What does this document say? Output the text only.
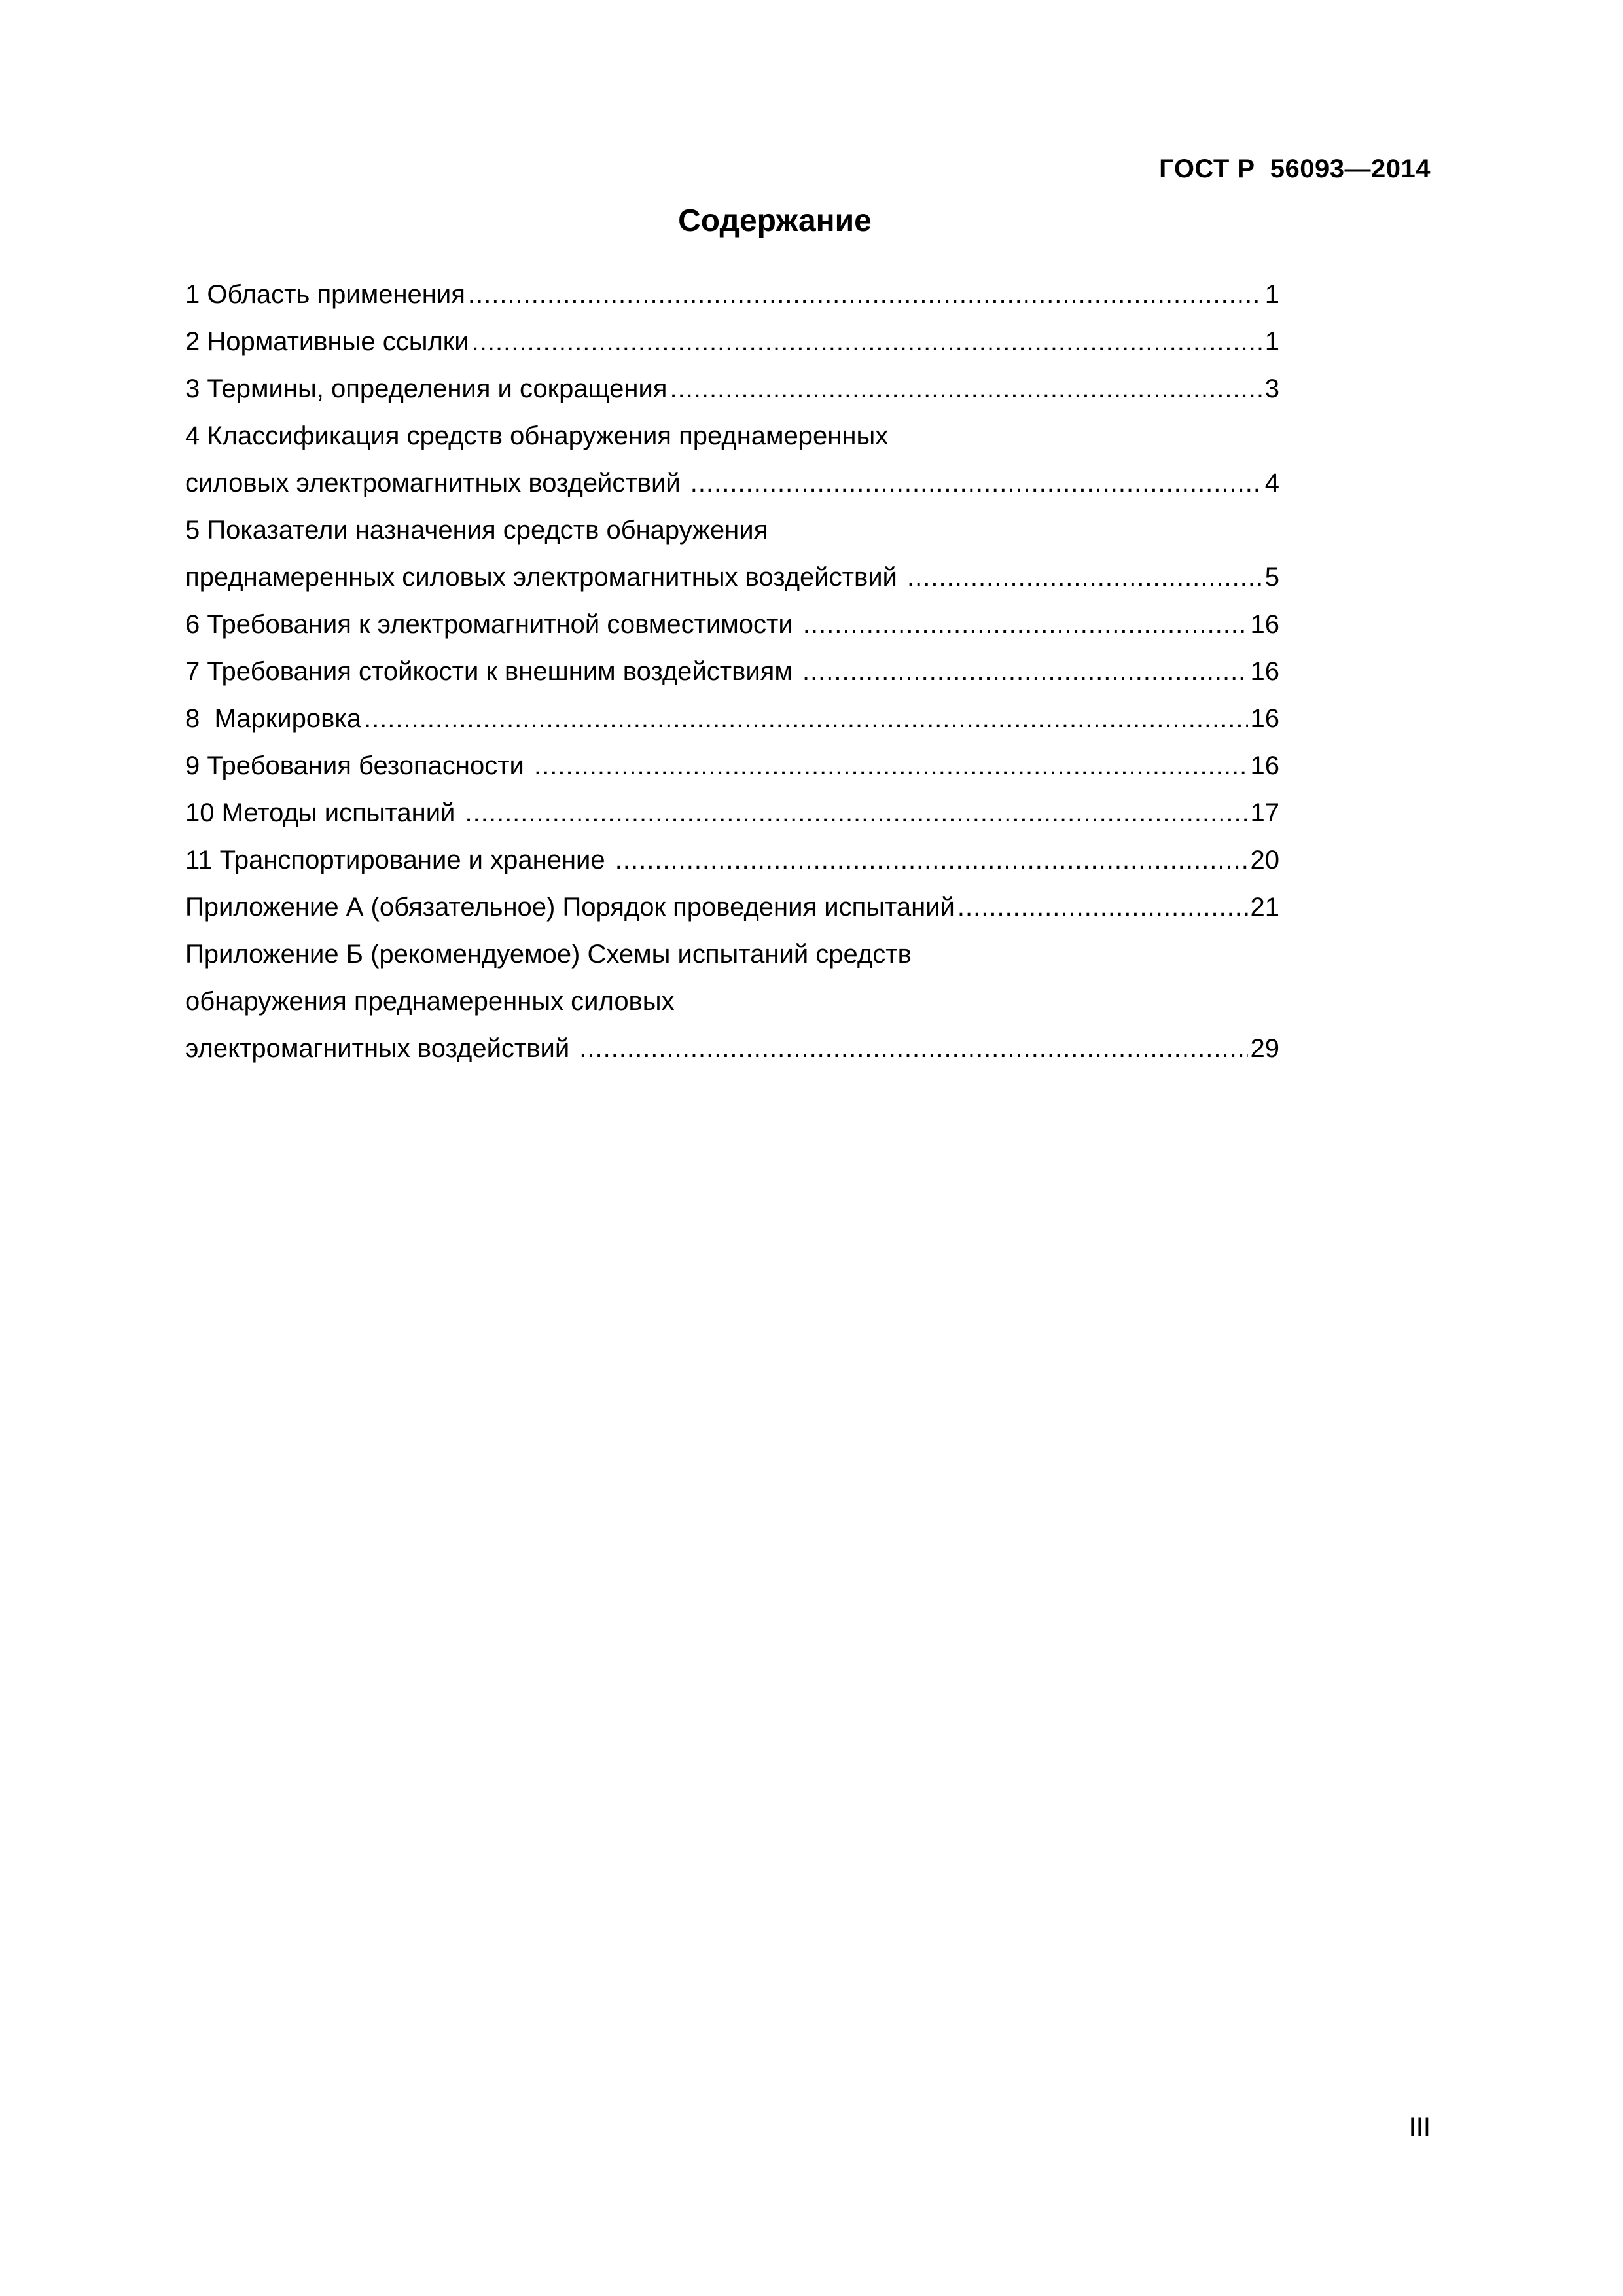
ГОСТ Р  56093—2014
Содержание
1 Область применения .....	1
2 Нормативные ссылки .....	1
3 Термины, определения и сокращения .....	3
4 Классификация средств обнаружения преднамеренных
силовых электромагнитных воздействий .....	4
5 Показатели назначения средств обнаружения
преднамеренных силовых электромагнитных воздействий .....	5
6 Требования к электромагнитной совместимости .....	16
7 Требования стойкости к внешним воздействиям .....	16
8  Маркировка .....	16
9 Требования безопасности .....	16
10 Методы испытаний .....	17
11 Транспортирование и хранение .....	20
Приложение А (обязательное) Порядок проведения испытаний .....	21
Приложение Б (рекомендуемое) Схемы испытаний средств
обнаружения преднамеренных силовых
электромагнитных воздействий .....	29
III
